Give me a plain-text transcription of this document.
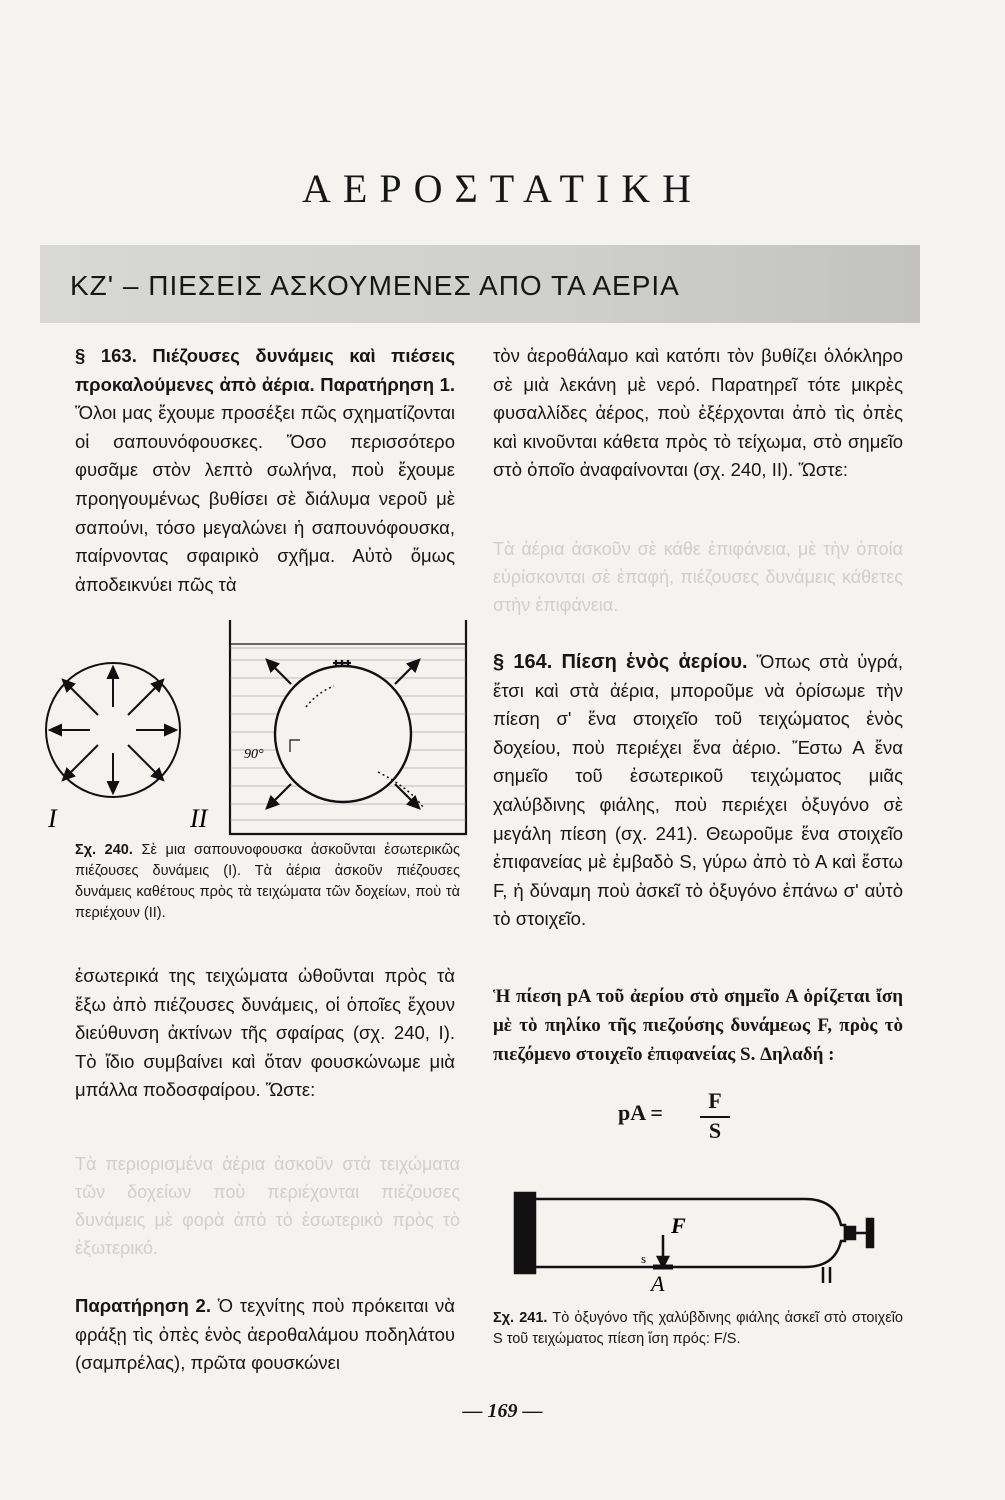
ΑΕΡΟΣΤΑΤΙΚΗ
ΚΖ' – ΠΙΕΣΕΙΣ ΑΣΚΟΥΜΕΝΕΣ ΑΠΟ ΤΑ ΑΕΡΙΑ

§ 163. Πιέζουσες δυνάμεις καὶ πιέσεις προκαλούμενες ἀπὸ ἀέρια. Παρατήρηση 1. Ὅλοι μας ἔχουμε προσέξει πῶς σχηματίζονται οἱ σαπουνόφουσκες. Ὅσο περισσότερο φυσᾶμε στὸν λεπτὸ σωλήνα, ποὺ ἔχουμε προηγουμένως βυθίσει σὲ διάλυμα νεροῦ μὲ σαπούνι, τόσο μεγαλώνει ἡ σαπουνόφουσκα, παίρνοντας σφαιρικὸ σχῆμα. Αὐτὸ ὅμως ἀποδεικνύει πῶς τὰ

I
90°
II
Σχ. 240. Σὲ μια σαπουνοφουσκα ἀσκοῦνται ἐσωτερικῶς πιέζουσες δυνάμεις (I). Τὰ ἀέρια ἀσκοῦν πιέζουσες δυνάμεις καθέτους πρὸς τὰ τειχώματα τῶν δοχείων, ποὺ τὰ περιέχουν (II).

ἐσωτερικά της τειχώματα ὠθοῦνται πρὸς τὰ ἔξω ἀπὸ πιέζουσες δυνάμεις, οἱ ὁποῖες ἔχουν διεύθυνση ἀκτίνων τῆς σφαίρας (σχ. 240, I). Τὸ ἴδιο συμβαίνει καὶ ὅταν φουσκώνωμε μιὰ μπάλλα ποδοσφαίρου. Ὥστε:

Τὰ περιορισμένα ἀέρια ἀσκοῦν στὰ τειχώματα τῶν δοχείων ποὺ περιέχονται πιέζουσες δυνάμεις μὲ φορὰ ἀπὸ τὸ ἐσωτερικὸ πρὸς τὸ ἐξωτερικό.

Παρατήρηση 2. Ὁ τεχνίτης ποὺ πρόκειται νὰ φράξῃ τὶς ὀπὲς ἑνὸς ἀεροθαλάμου ποδηλάτου (σαμπρέλας), πρῶτα φουσκώνει

τὸν ἀεροθάλαμο καὶ κατόπι τὸν βυθίζει ὁλόκληρο σὲ μιὰ λεκάνη μὲ νερό. Παρατηρεῖ τότε μικρὲς φυσαλλίδες ἀέρος, ποὺ ἐξέρχονται ἀπὸ τὶς ὀπὲς καὶ κινοῦνται κάθετα πρὸς τὸ τείχωμα, στὸ σημεῖο στὸ ὁποῖο ἀναφαίνονται (σχ. 240, II). Ὥστε:

Τὰ ἀέρια ἀσκοῦν σὲ κάθε ἐπιφάνεια, μὲ τὴν ὁποία εὑρίσκονται σὲ ἐπαφή, πιέζουσες δυνάμεις κάθετες στὴν ἐπιφάνεια.

§ 164. Πίεση ἑνὸς ἀερίου. Ὅπως στὰ ὑγρά, ἔτσι καὶ στὰ ἀέρια, μποροῦμε νὰ ὁρίσωμε τὴν πίεση σ' ἕνα στοιχεῖο τοῦ τειχώματος ἑνὸς δοχείου, ποὺ περιέχει ἕνα ἀέριο. Ἔστω Α ἕνα σημεῖο τοῦ ἐσωτερικοῦ τειχώματος μιᾶς χαλύβδινης φιάλης, ποὺ περιέχει ὀξυγόνο σὲ μεγάλη πίεση (σχ. 241). Θεωροῦμε ἕνα στοιχεῖο ἐπιφανείας μὲ ἐμβαδὸ S, γύρω ἀπὸ τὸ Α καὶ ἔστω F, ἡ δύναμη ποὺ ἀσκεῖ τὸ ὀξυγόνο ἐπάνω σ' αὐτὸ τὸ στοιχεῖο.

Ἡ πίεση pA τοῦ ἀερίου στὸ σημεῖο A ὁρίζεται ἴση μὲ τὸ πηλίκο τῆς πιεζούσης δυνάμεως F, πρὸς τὸ πιεζόμενο στοιχεῖο ἐπιφανείας S. Δηλαδή :
pA =	F
S
F
s
A
Σχ. 241. Τὸ ὀξυγόνο τῆς χαλύβδινης φιάλης ἀσκεῖ στὸ στοιχεῖο S τοῦ τειχώματος πίεση ἴση πρός: F/S.
— 169 —
